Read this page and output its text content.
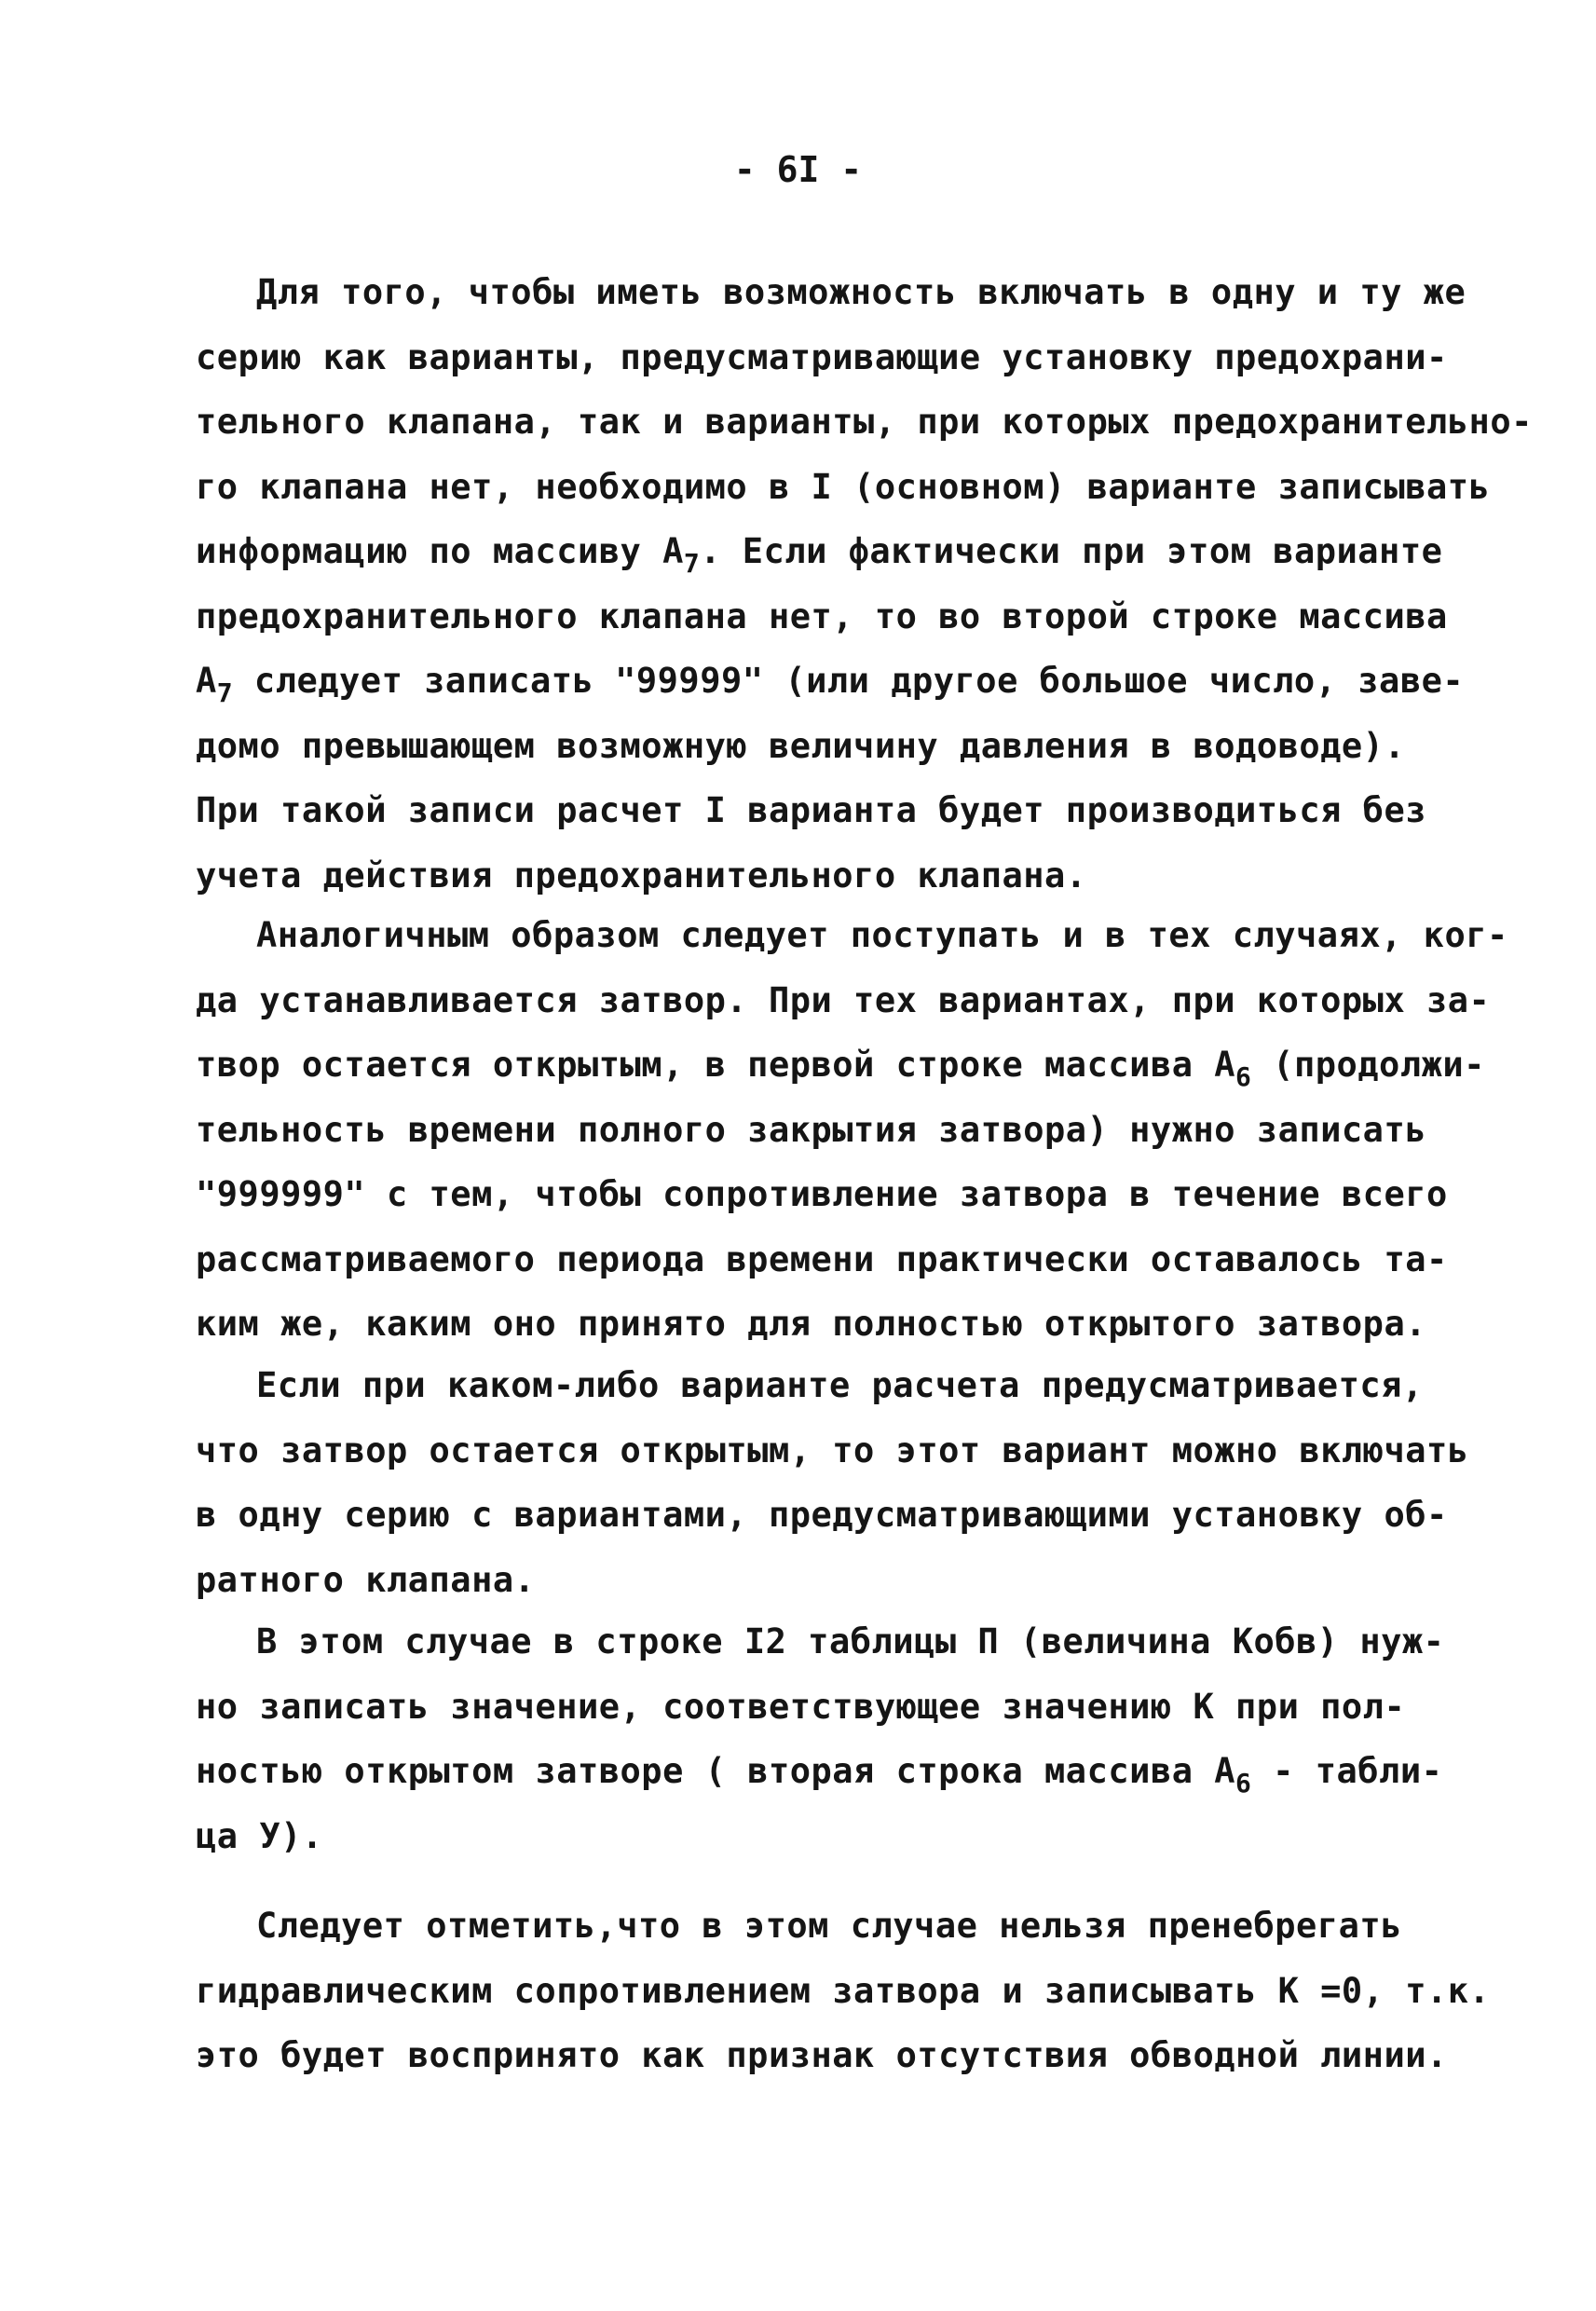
- 6I -
Для того, чтобы иметь возможность включать в одну и ту же
серию как варианты, предусматривающие установку предохрани-
тельного клапана, так и варианты, при которых предохранительно-
го клапана нет, необходимо в I (основном) варианте записывать
информацию по массиву $А_7$. Если фактически при этом варианте
предохранительного клапана нет, то во второй строке массива
$А_7$ следует записать "99999" (или другое большое число, заве-
домо превышающем возможную величину давления в водоводе).
При такой записи расчет I варианта будет производиться без
учета действия предохранительного клапана.
Аналогичным образом следует поступать и в тех случаях, ког-
да устанавливается затвор. При тех вариантах, при которых за-
твор остается открытым, в первой строке массива $А_6$ (продолжи-
тельность времени полного закрытия затвора) нужно записать
"999999" с тем, чтобы сопротивление затвора в течение всего
рассматриваемого периода времени практически оставалось та-
ким же, каким оно принято для полностью открытого затвора.
Если при каком-либо варианте расчета предусматривается,
что затвор остается открытым, то этот вариант можно включать
в одну серию с вариантами, предусматривающими установку об-
ратного клапана.
В этом случае в строке I2 таблицы П (величина Kобв) нуж-
но записать значение, соответствующее значению K при пол-
ностью открытом затворе ( вторая строка массива $А_6$ - табли-
ца У).
Следует отметить,что в этом случае нельзя пренебрегать
гидравлическим сопротивлением затвора и записывать K =0, т.к.
это будет воспринято как признак отсутствия обводной линии.
